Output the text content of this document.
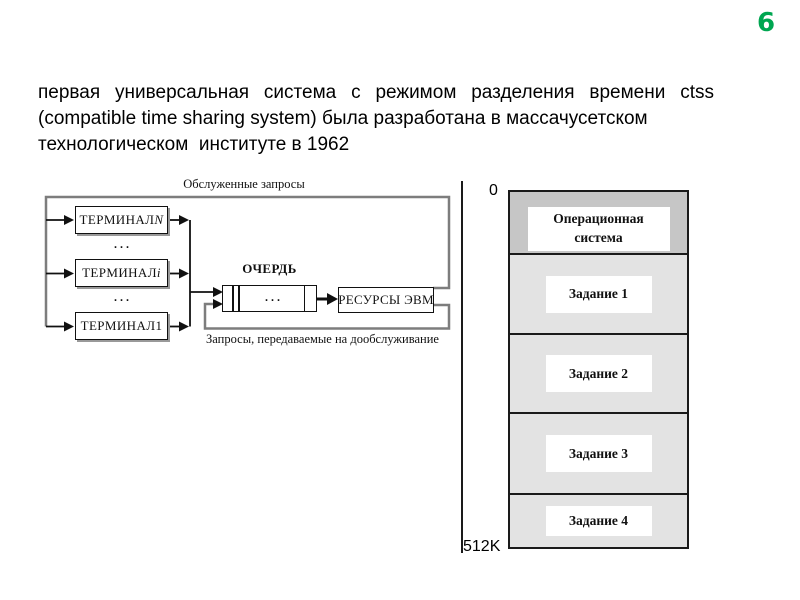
6
первая универсальная система с режимом разделения времени ctss
(compatible time sharing system) была разработана в массачусетском
технологическом  институте в 1962
Обслуженные запросы
Запросы, передаваемые на дообслуживание
ОЧЕРДЬ
ТЕРМИНАЛ N
. . .
ТЕРМИНАЛ i
. . .
ТЕРМИНАЛ 1
. . .	РЕСУРСЫ ЭВМ
0
512K
Операционная система
Задание 1
Задание 2
Задание 3
Задание 4
